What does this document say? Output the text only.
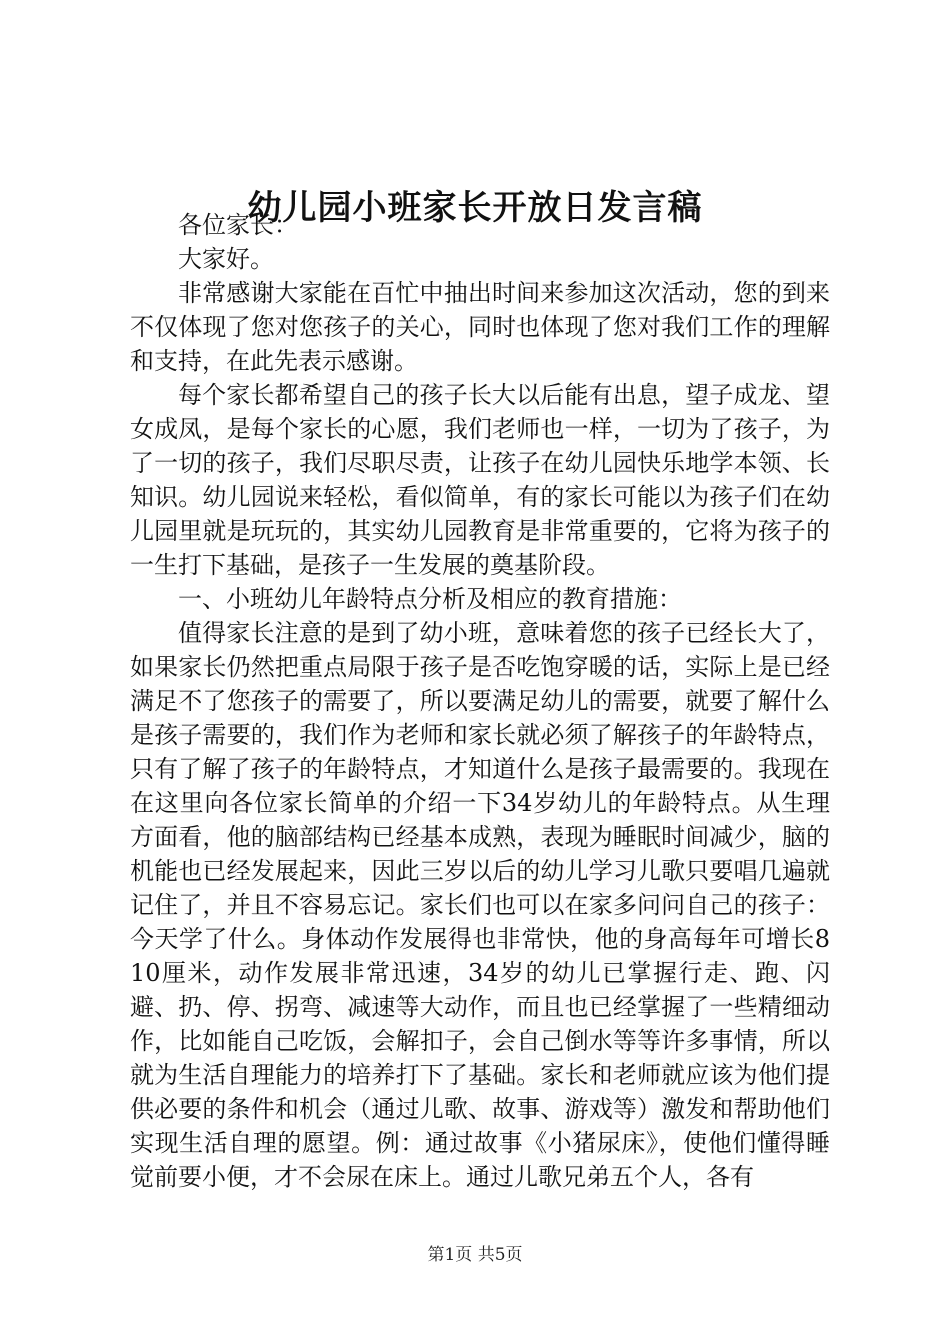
幼儿园小班家长开放日发言稿

各位家长：

大家好。

非常感谢大家能在百忙中抽出时间来参加这次活动，您的到来不仅体现了您对您孩子的关心，同时也体现了您对我们工作的理解和支持，在此先表示感谢。

每个家长都希望自己的孩子长大以后能有出息，望子成龙、望女成凤，是每个家长的心愿，我们老师也一样，一切为了孩子，为了一切的孩子，我们尽职尽责，让孩子在幼儿园快乐地学本领、长知识。幼儿园说来轻松，看似简单，有的家长可能以为孩子们在幼儿园里就是玩玩的，其实幼儿园教育是非常重要的，它将为孩子的一生打下基础，是孩子一生发展的奠基阶段。

一、小班幼儿年龄特点分析及相应的教育措施：

值得家长注意的是到了幼小班，意味着您的孩子已经长大了，如果家长仍然把重点局限于孩子是否吃饱穿暖的话，实际上是已经满足不了您孩子的需要了，所以要满足幼儿的需要，就要了解什么是孩子需要的，我们作为老师和家长就必须了解孩子的年龄特点，只有了解了孩子的年龄特点，才知道什么是孩子最需要的。我现在在这里向各位家长简单的介绍一下34岁幼儿的年龄特点。从生理方面看，他的脑部结构已经基本成熟，表现为睡眠时间减少，脑的机能也已经发展起来，因此三岁以后的幼儿学习儿歌只要唱几遍就记住了，并且不容易忘记。家长们也可以在家多问问自己的孩子：今天学了什么。身体动作发展得也非常快，他的身高每年可增长810厘米，动作发展非常迅速，34岁的幼儿已掌握行走、跑、闪避、扔、停、拐弯、减速等大动作，而且也已经掌握了一些精细动作，比如能自己吃饭，会解扣子，会自己倒水等等许多事情，所以就为生活自理能力的培养打下了基础。家长和老师就应该为他们提供必要的条件和机会（通过儿歌、故事、游戏等）激发和帮助他们实现生活自理的愿望。例：通过故事《小猪尿床》，使他们懂得睡觉前要小便，才不会尿在床上。通过儿歌兄弟五个人，各有

第1页 共5页
